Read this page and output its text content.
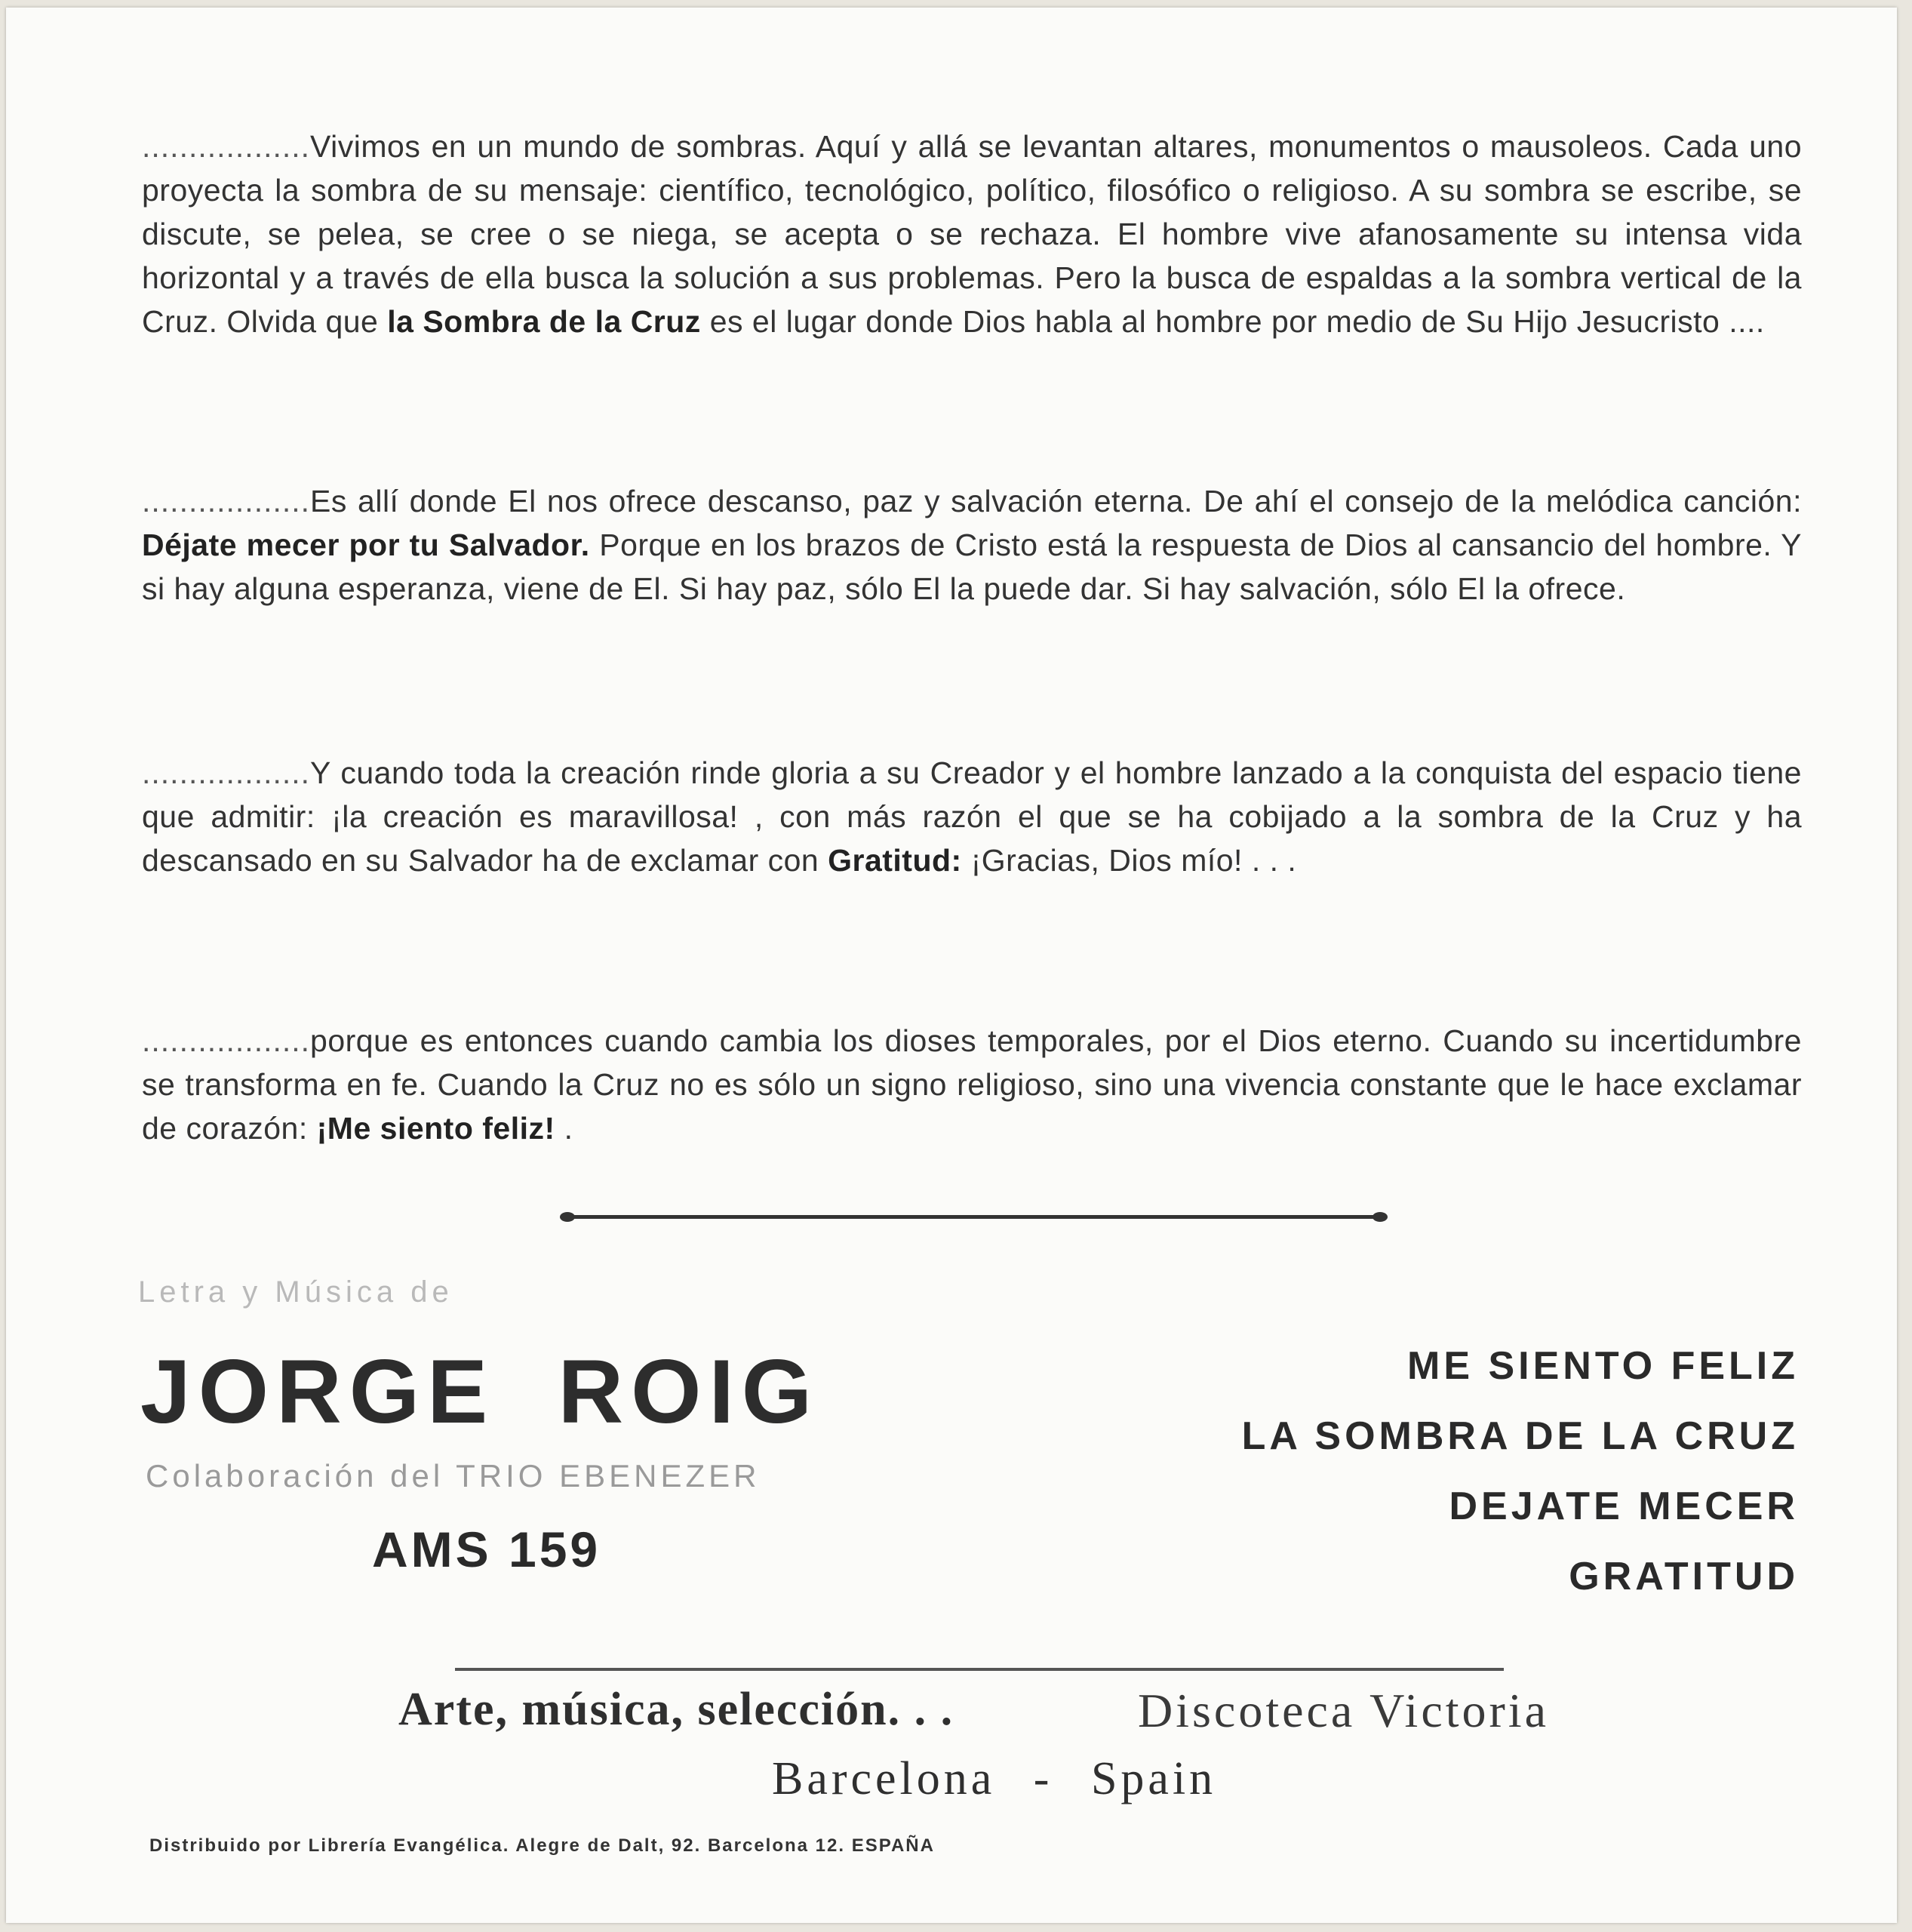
..................Vivimos en un mundo de sombras. Aquí y allá se levantan altares, monumentos o mausoleos. Cada uno proyecta la sombra de su mensaje: científico, tecnológico, político, filosófico o religioso. A su sombra se escribe, se discute, se pelea, se cree o se niega, se acepta o se rechaza. El hombre vive afanosamente su intensa vida horizontal y a través de ella busca la solución a sus problemas. Pero la busca de espaldas a la sombra vertical de la Cruz. Olvida que la Sombra de la Cruz es el lugar donde Dios habla al hombre por medio de Su Hijo Jesucristo ....

..................Es allí donde El nos ofrece descanso, paz y salvación eterna. De ahí el consejo de la melódica canción: Déjate mecer por tu Salvador. Porque en los brazos de Cristo está la respuesta de Dios al cansancio del hombre. Y si hay alguna esperanza, viene de El. Si hay paz, sólo El la puede dar. Si hay salvación, sólo El la ofrece.

..................Y cuando toda la creación rinde gloria a su Creador y el hombre lanzado a la conquista del espacio tiene que admitir: ¡la creación es maravillosa! , con más razón el que se ha cobijado a la sombra de la Cruz y ha descansado en su Salvador ha de exclamar con Gratitud: ¡Gracias, Dios mío! . . .

..................porque es entonces cuando cambia los dioses temporales, por el Dios eterno. Cuando su incertidumbre se transforma en fe. Cuando la Cruz no es sólo un signo religioso, sino una vivencia constante que le hace exclamar de corazón: ¡Me siento feliz! .

Letra y Música de
JORGE ROIG
Colaboración del TRIO EBENEZER
AMS 159
ME SIENTO FELIZ
LA SOMBRA DE LA CRUZ
DEJATE MECER
GRATITUD
Arte, música, selección. . .	Discoteca Victoria
Barcelona - Spain
Distribuido por Librería Evangélica. Alegre de Dalt, 92. Barcelona 12. ESPAÑA
